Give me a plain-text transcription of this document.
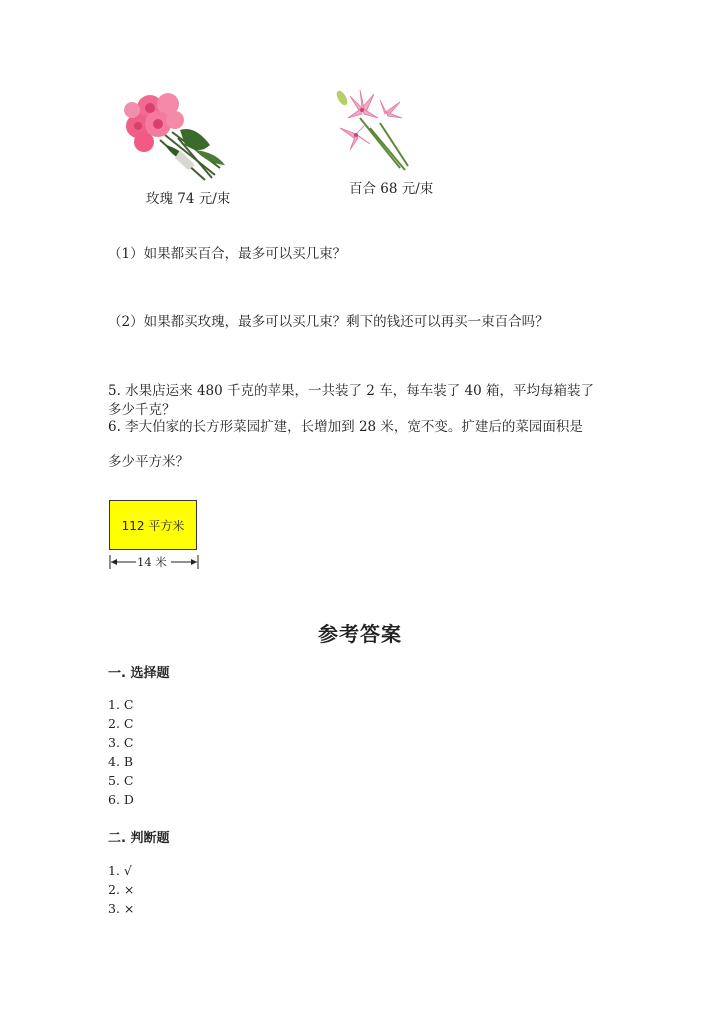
玫瑰 74 元/束
百合 68 元/束
（1）如果都买百合，最多可以买几束？
（2）如果都买玫瑰，最多可以买几束？剩下的钱还可以再买一束百合吗？
5. 水果店运来 480 千克的苹果，一共装了 2 车，每车装了 40 箱，平均每箱装了
多少千克？
6. 李大伯家的长方形菜园扩建，长增加到 28 米，宽不变。扩建后的菜园面积是
多少平方米？
112 平方米
14 米
参考答案
一. 选择题
1. C
2. C
3. C
4. B
5. C
6. D
二. 判断题
1. √
2. ×
3. ×
